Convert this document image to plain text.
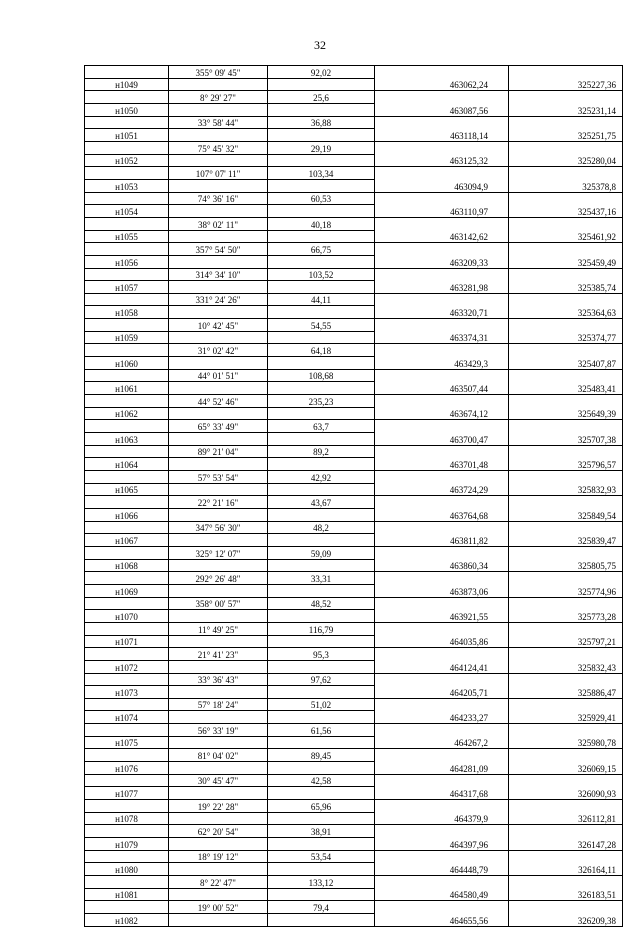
32
	355° 09' 45"	92,02		
н1049			463062,24	325227,36
	8° 29' 27"	25,6		
н1050			463087,56	325231,14
	33° 58' 44"	36,88		
н1051			463118,14	325251,75
	75° 45' 32"	29,19		
н1052			463125,32	325280,04
	107° 07' 11"	103,34		
н1053			463094,9	325378,8
	74° 36' 16"	60,53		
н1054			463110,97	325437,16
	38° 02' 11"	40,18		
н1055			463142,62	325461,92
	357° 54' 50"	66,75		
н1056			463209,33	325459,49
	314° 34' 10"	103,52		
н1057			463281,98	325385,74
	331° 24' 26"	44,11		
н1058			463320,71	325364,63
	10° 42' 45"	54,55		
н1059			463374,31	325374,77
	31° 02' 42"	64,18		
н1060			463429,3	325407,87
	44° 01' 51"	108,68		
н1061			463507,44	325483,41
	44° 52' 46"	235,23		
н1062			463674,12	325649,39
	65° 33' 49"	63,7		
н1063			463700,47	325707,38
	89° 21' 04"	89,2		
н1064			463701,48	325796,57
	57° 53' 54"	42,92		
н1065			463724,29	325832,93
	22° 21' 16"	43,67		
н1066			463764,68	325849,54
	347° 56' 30"	48,2		
н1067			463811,82	325839,47
	325° 12' 07"	59,09		
н1068			463860,34	325805,75
	292° 26' 48"	33,31		
н1069			463873,06	325774,96
	358° 00' 57"	48,52		
н1070			463921,55	325773,28
	11° 49' 25"	116,79		
н1071			464035,86	325797,21
	21° 41' 23"	95,3		
н1072			464124,41	325832,43
	33° 36' 43"	97,62		
н1073			464205,71	325886,47
	57° 18' 24"	51,02		
н1074			464233,27	325929,41
	56° 33' 19"	61,56		
н1075			464267,2	325980,78
	81° 04' 02"	89,45		
н1076			464281,09	326069,15
	30° 45' 47"	42,58		
н1077			464317,68	326090,93
	19° 22' 28"	65,96		
н1078			464379,9	326112,81
	62° 20' 54"	38,91		
н1079			464397,96	326147,28
	18° 19' 12"	53,54		
н1080			464448,79	326164,11
	8° 22' 47"	133,12		
н1081			464580,49	326183,51
	19° 00' 52"	79,4		
н1082			464655,56	326209,38
